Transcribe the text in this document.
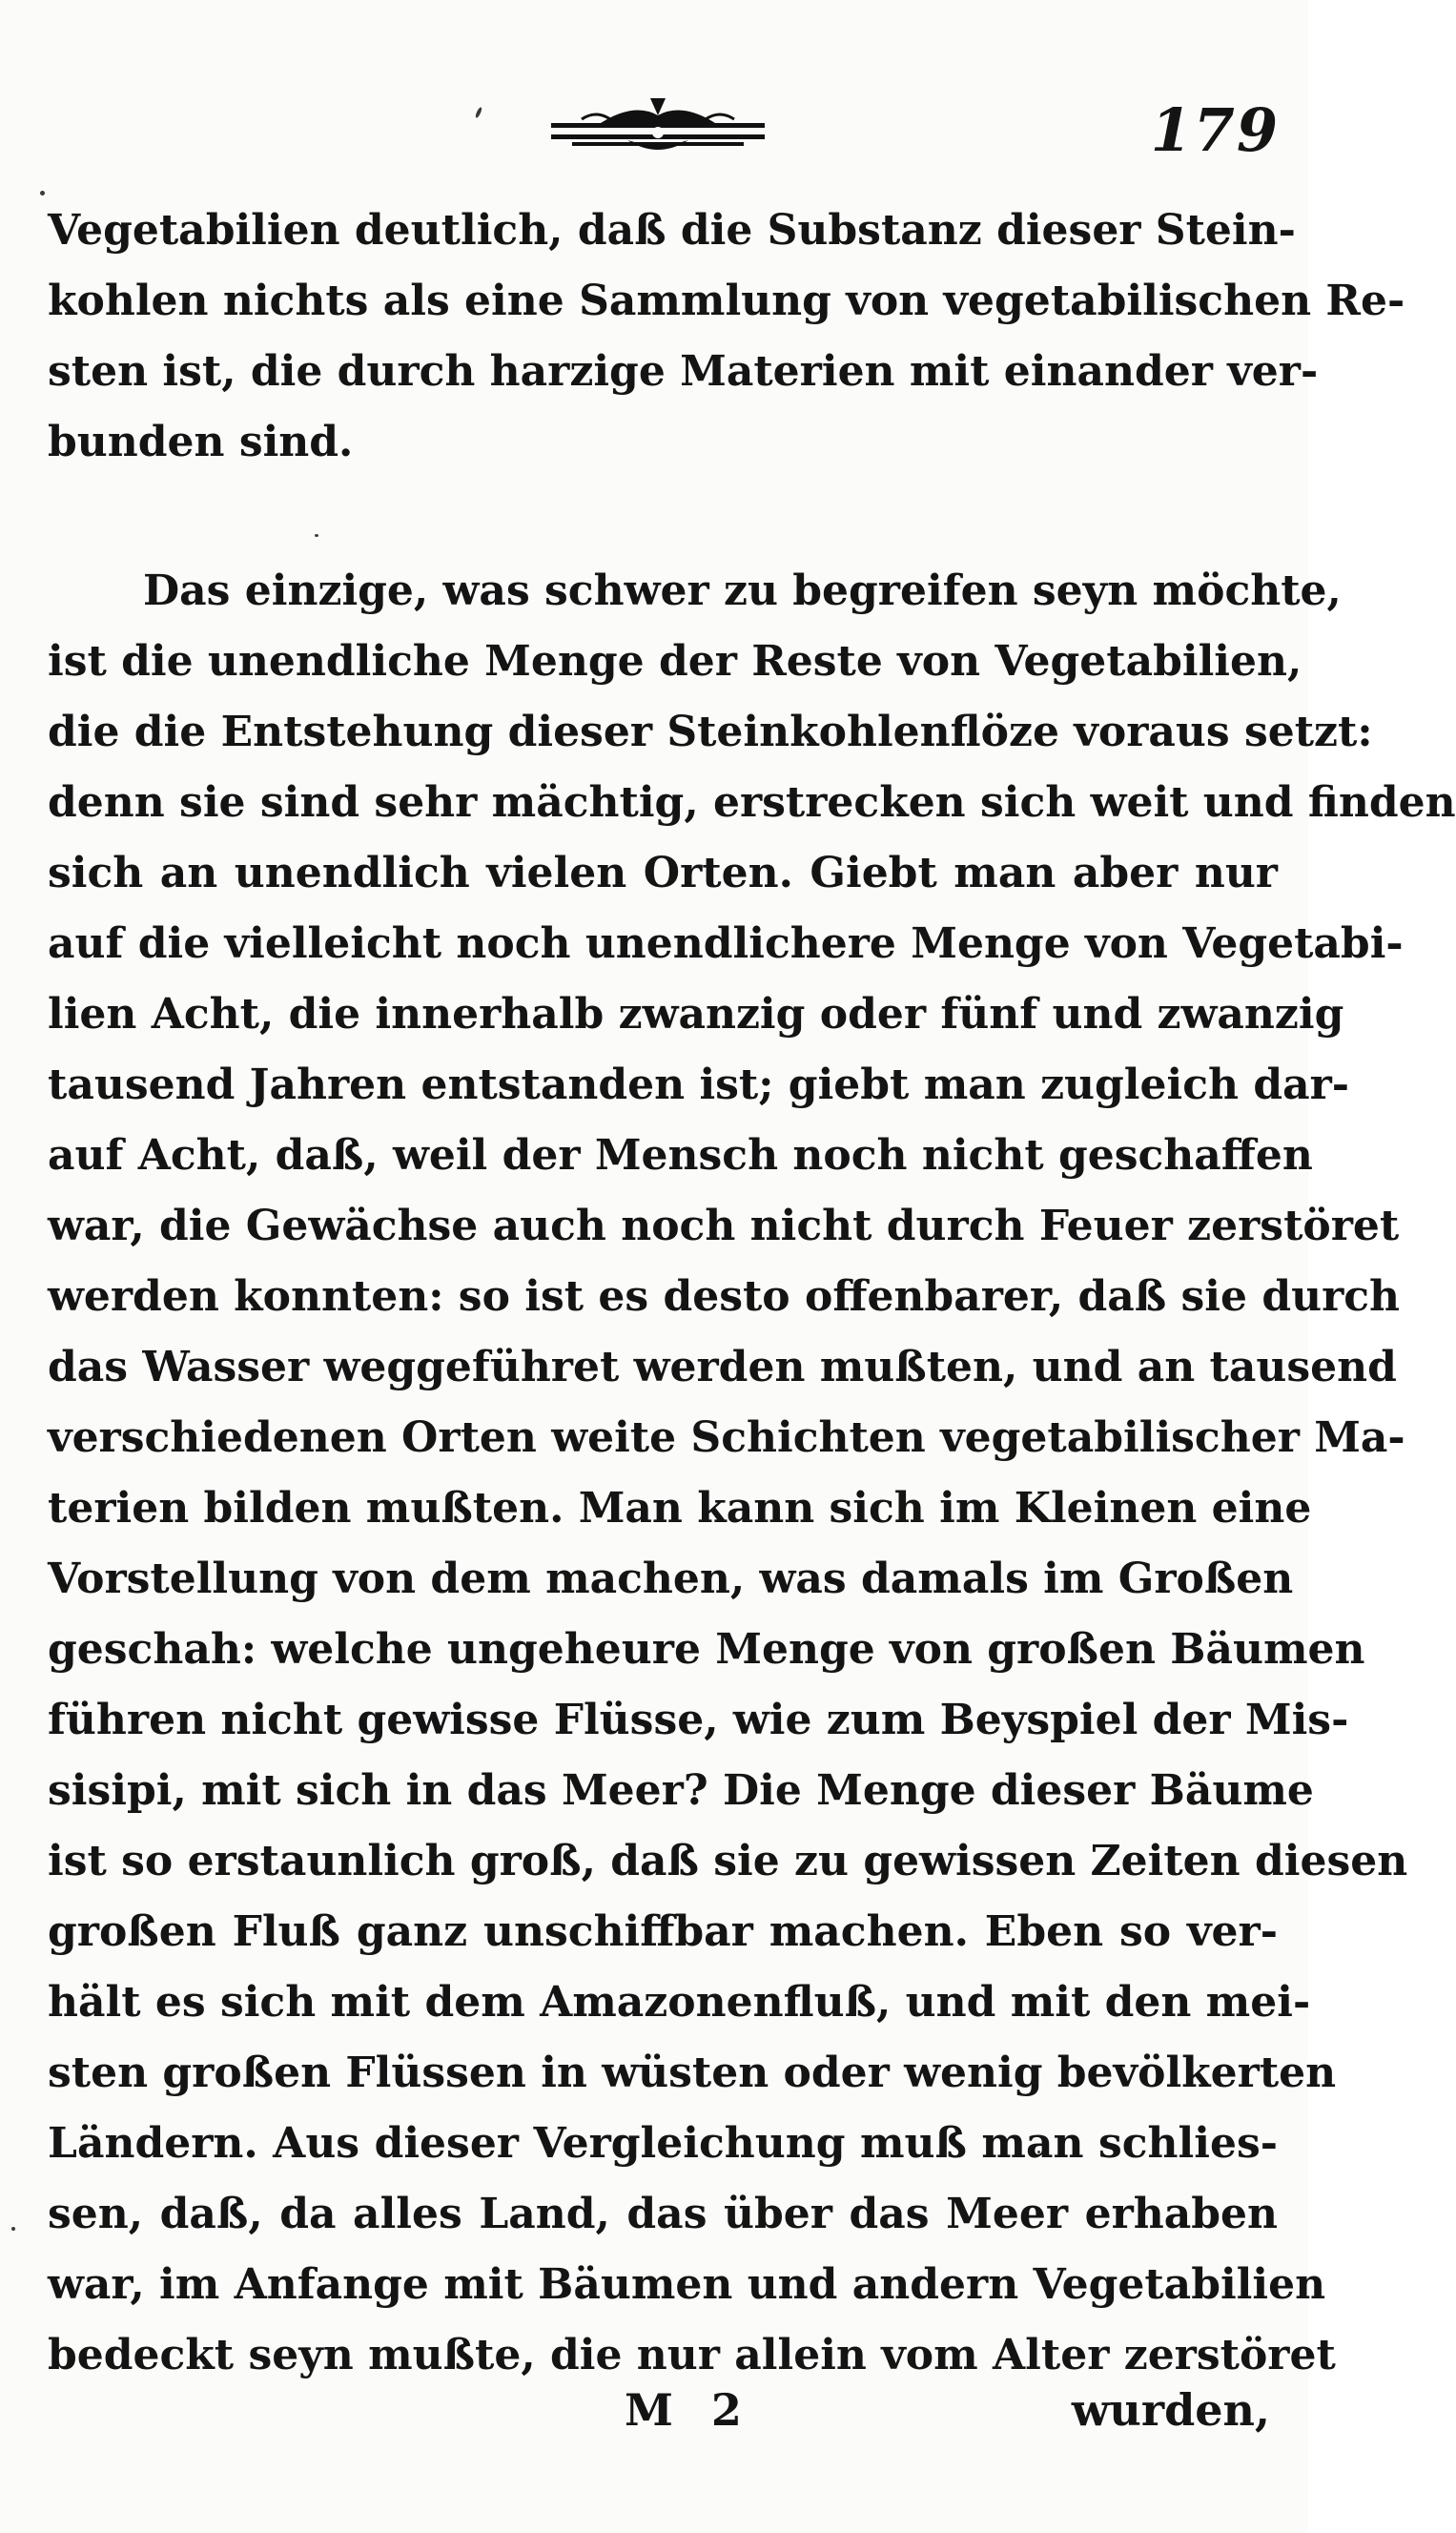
179
Vegetabilien deutlich, daß die Substanz dieser Stein-
kohlen nichts als eine Sammlung von vegetabilischen Re-
sten ist, die durch harzige Materien mit einander ver-
bunden sind.
Das einzige, was schwer zu begreifen seyn möchte,
ist die unendliche Menge der Reste von Vegetabilien,
die die Entstehung dieser Steinkohlenflöze voraus setzt:
denn sie sind sehr mächtig, erstrecken sich weit und finden
sich an unendlich vielen Orten. Giebt man aber nur
auf die vielleicht noch unendlichere Menge von Vegetabi-
lien Acht, die innerhalb zwanzig oder fünf und zwanzig
tausend Jahren entstanden ist; giebt man zugleich dar-
auf Acht, daß, weil der Mensch noch nicht geschaffen
war, die Gewächse auch noch nicht durch Feuer zerstöret
werden konnten: so ist es desto offenbarer, daß sie durch
das Wasser weggeführet werden mußten, und an tausend
verschiedenen Orten weite Schichten vegetabilischer Ma-
terien bilden mußten. Man kann sich im Kleinen eine
Vorstellung von dem machen, was damals im Großen
geschah: welche ungeheure Menge von großen Bäumen
führen nicht gewisse Flüsse, wie zum Beyspiel der Mis-
sisipi, mit sich in das Meer? Die Menge dieser Bäume
ist so erstaunlich groß, daß sie zu gewissen Zeiten diesen
großen Fluß ganz unschiffbar machen. Eben so ver-
hält es sich mit dem Amazonenfluß, und mit den mei-
sten großen Flüssen in wüsten oder wenig bevölkerten
Ländern. Aus dieser Vergleichung muß man schlies-
sen, daß, da alles Land, das über das Meer erhaben
war, im Anfange mit Bäumen und andern Vegetabilien
bedeckt seyn mußte, die nur allein vom Alter zerstöret
M 2	wurden,
